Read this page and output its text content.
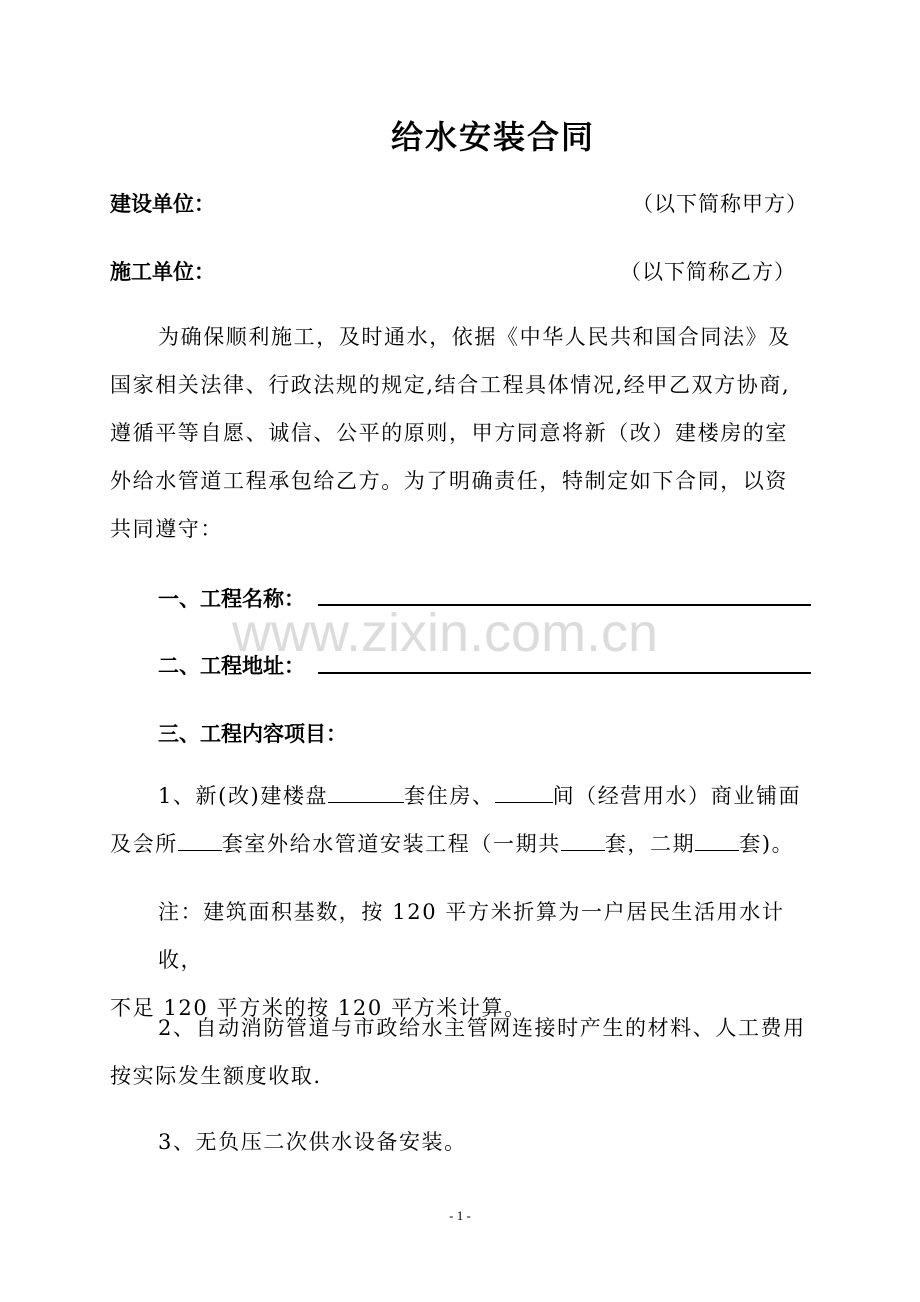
给水安装合同
建设单位：	（以下简称甲方）
施工单位：	（以下简称乙方）
为确保顺利施工，及时通水，依据《中华人民共和国合同法》及
国家相关法律、行政法规的规定,结合工程具体情况,经甲乙双方协商,
遵循平等自愿、诚信、公平的原则，甲方同意将新（改）建楼房的室
外给水管道工程承包给乙方。为了明确责任，特制定如下合同，以资
共同遵守：
一、工程名称：
二、工程地址：
三、工程内容项目：
1、新(改)建楼盘	套住房、	间（经营用水）商业铺面
及会所 套室外给水管道安装工程（一期共 套，二期 套)。
注：建筑面积基数，按 120 平方米折算为一户居民生活用水计收，
不足 120 平方米的按 120 平方米计算。
2、自动消防管道与市政给水主管网连接时产生的材料、人工费用
按实际发生额度收取.
3、无负压二次供水设备安装。
www.zixin.com.cn
- 1 -
